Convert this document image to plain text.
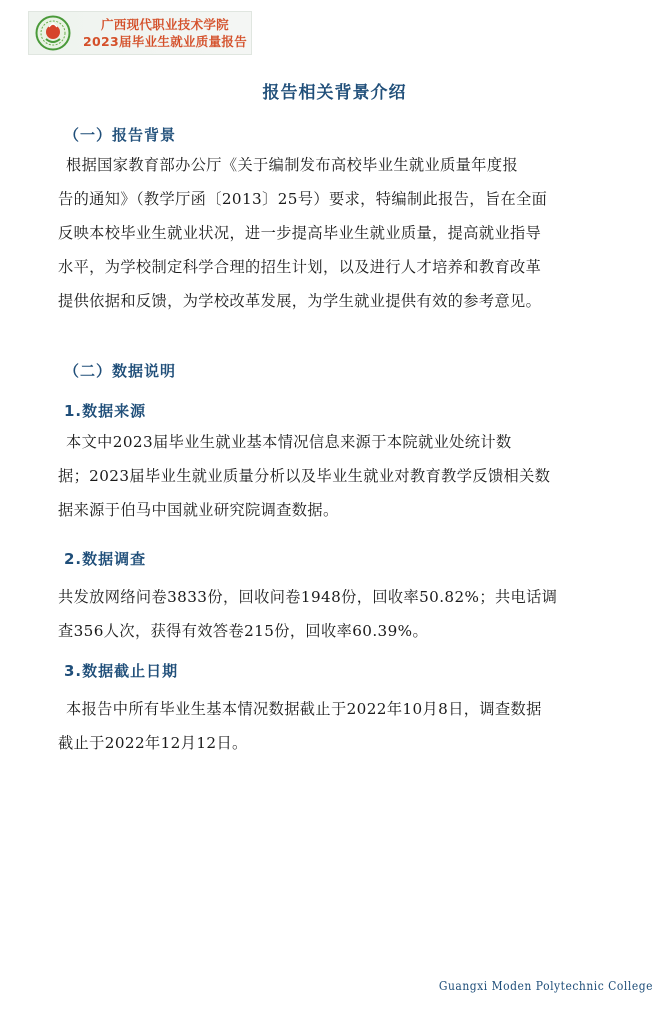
广西现代职业技术学院
2023届毕业生就业质量报告
报告相关背景介绍
（一）报告背景
根据国家教育部办公厅《关于编制发布高校毕业生就业质量年度报
告的通知》（教学厅函〔2013〕25号）要求，特编制此报告，旨在全面
反映本校毕业生就业状况，进一步提高毕业生就业质量，提高就业指导
水平，为学校制定科学合理的招生计划，以及进行人才培养和教育改革
提供依据和反馈，为学校改革发展，为学生就业提供有效的参考意见。
（二）数据说明
1.数据来源
本文中2023届毕业生就业基本情况信息来源于本院就业处统计数
据；2023届毕业生就业质量分析以及毕业生就业对教育教学反馈相关数
据来源于伯马中国就业研究院调查数据。
2.数据调查
共发放网络问卷3833份，回收问卷1948份，回收率50.82%；共电话调
查356人次，获得有效答卷215份，回收率60.39%。
3.数据截止日期
本报告中所有毕业生基本情况数据截止于2022年10月8日，调查数据
截止于2022年12月12日。
Guangxi Moden Polytechnic College
